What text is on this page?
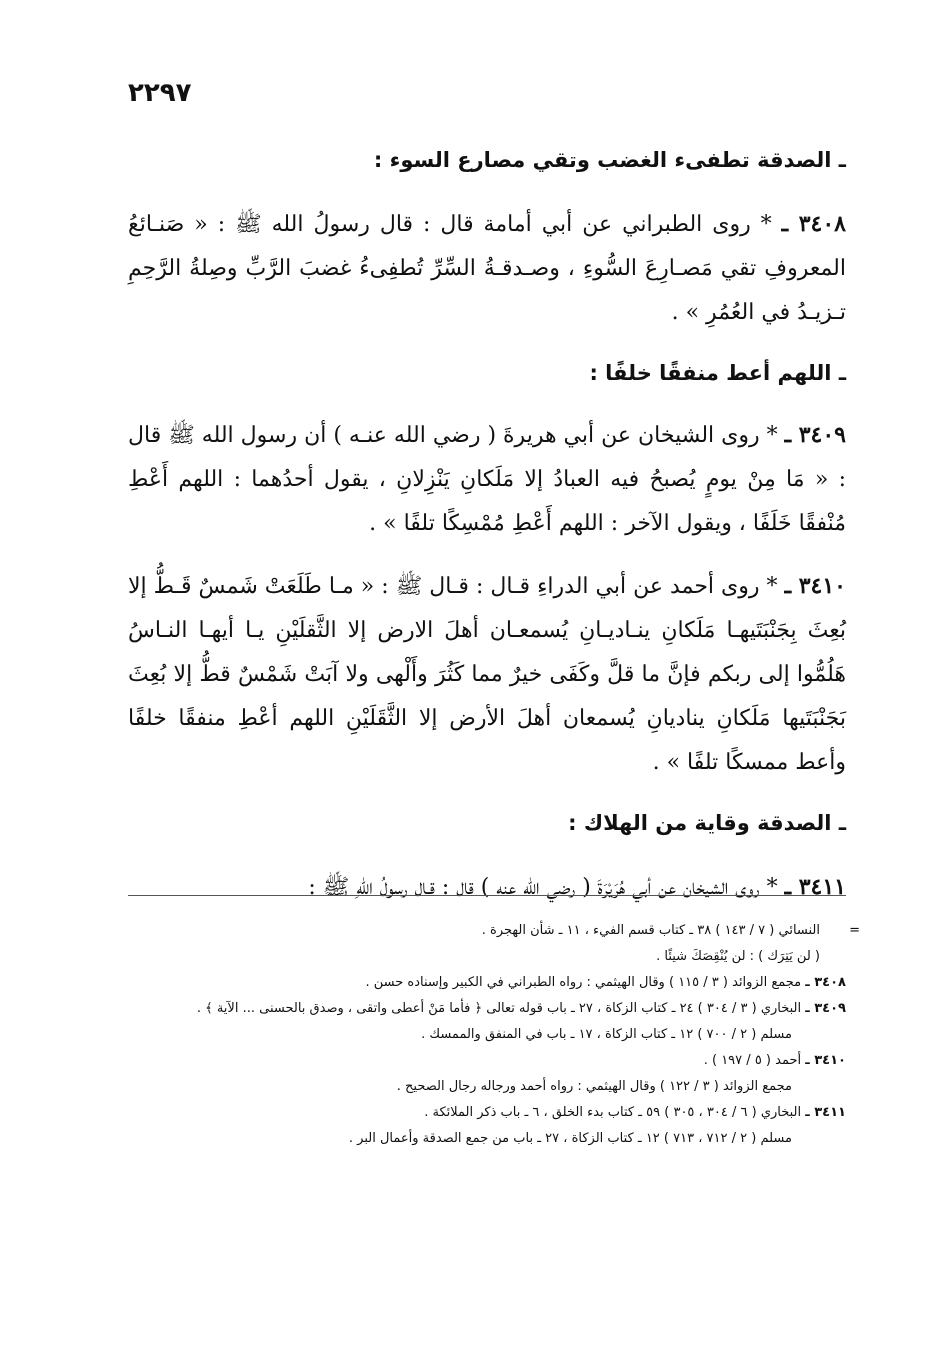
٢٢٩٧

ـ الصدقة تطفىء الغضب وتقي مصارع السوء :

٣٤٠٨ ـ * روى الطبراني عن أبي أمامة قال : قال رسولُ الله ﷺ : « صَنـائعُ المعروفِ تقي مَصـارِعَ السُّوءِ ، وصـدقـةُ السِّرِّ تُطفِىءُ غضبَ الرَّبِّ وصِلةُ الرَّحِمِ تـزيـدُ في العُمُرِ » .

ـ اللهم أعط منفقًا خلفًا :

٣٤٠٩ ـ * روى الشيخان عن أبي هريرةَ ( رضي الله عنـه ) أن رسول الله ﷺ قال : « مَا مِنْ يومٍ يُصبحُ فيه العبادُ إلا مَلَكانِ يَنْزِلانِ ، يقول أحدُهما : اللهم أَعْطِ مُنْفقًا خَلَفًا ، ويقول الآخر : اللهم أَعْطِ مُمْسِكًا تلفًا » .

٣٤١٠ ـ * روى أحمد عن أبي الدراءِ قـال : قـال ﷺ : « مـا طَلَعَتْ شَمسٌ قَـطُّ إلا بُعِثَ بِجَنْبَتَيهـا مَلَكانِ ينـاديـانِ يُسمعـان أهلَ الارض إلا الثَّقلَيْنِ يـا أيهـا النـاسُ هَلُمُّوا إلى ربكم فإنَّ ما قلَّ وكَفَى خيرٌ مما كَثُرَ وأَلْهى ولا آبَتْ شَمْسٌ قطُّ إلا بُعِثَ بَجَنْبَتَيها مَلَكانِ يناديانِ يُسمعان أهلَ الأرض إلا الثَّقَلَيْنِ اللهم أعْطِ منفقًا خلفًا وأعط ممسكًا تلفًا » .

ـ الصدقة وقاية من الهلاك :

٣٤١١ ـ * روى الشيخان عن أبي هُرَيْرَةَ ( رضي الله عنه ) قال : قـال رسولُ اللهِ ﷺ :

=

النسائي ( ٧ / ١٤٣ ) ٣٨ ـ كتاب قسم الفيء ، ١١ ـ شأن الهجرة .

( لن يَتِرَك ) : لن يُنْقِصَكَ شيئًا .

٣٤٠٨ ـ مجمع الزوائد ( ٣ / ١١٥ ) وقال الهيثمي : رواه الطبراني في الكبير وإسناده حسن .

٣٤٠٩ ـ البخاري ( ٣ / ٣٠٤ ) ٢٤ ـ كتاب الزكاة ، ٢٧ ـ باب قوله تعالى ﴿ فأما مَنْ أعطى واتقى ، وصدق بالحسنى ... الآية ﴾ .

مسلم ( ٢ / ٧٠٠ ) ١٢ ـ كتاب الزكاة ، ١٧ ـ باب في المنفق والممسك .

٣٤١٠ ـ أحمد ( ٥ / ١٩٧ ) .

مجمع الزوائد ( ٣ / ١٢٢ ) وقال الهيثمي : رواه أحمد ورجاله رجال الصحيح .

٣٤١١ ـ البخاري ( ٦ / ٣٠٤ ، ٣٠٥ ) ٥٩ ـ كتاب بدء الخلق ، ٦ ـ باب ذكر الملائكة .

مسلم ( ٢ / ٧١٢ ، ٧١٣ ) ١٢ ـ كتاب الزكاة ، ٢٧ ـ باب من جمع الصدقة وأعمال البر .
